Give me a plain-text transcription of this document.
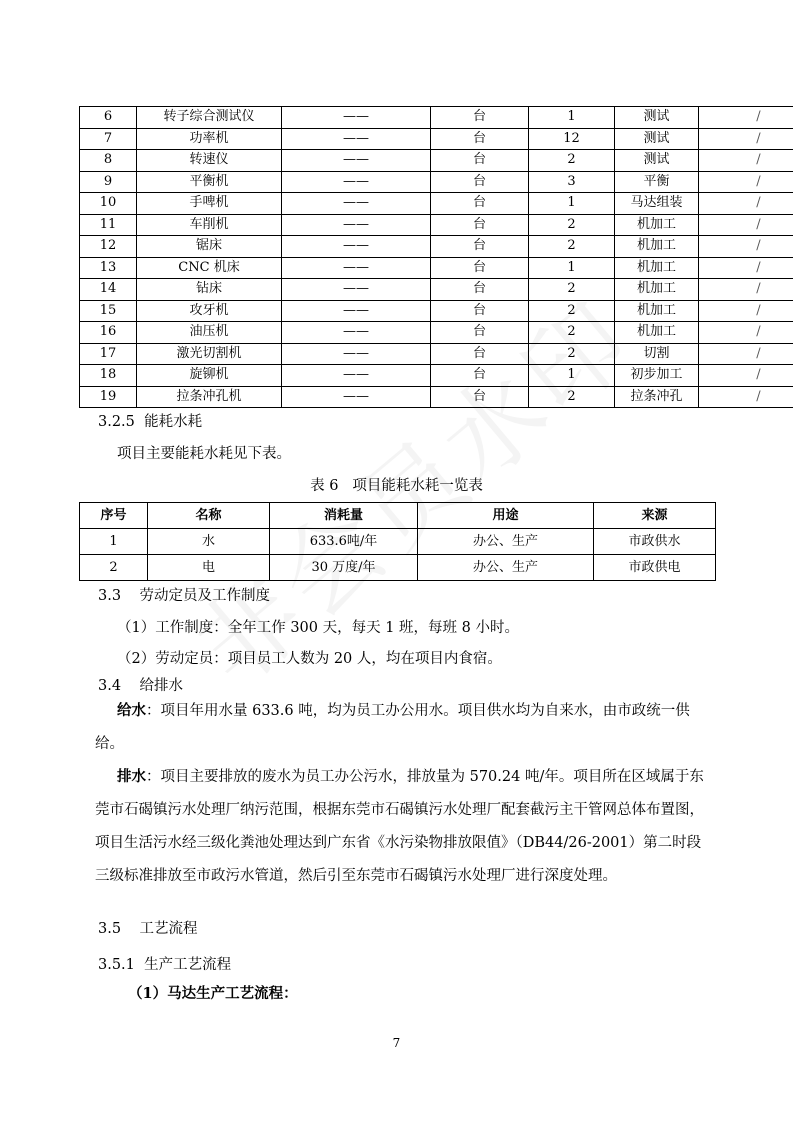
6	转子综合测试仪	——	台	1	测试	/
7	功率机	——	台	12	测试	/
8	转速仪	——	台	2	测试	/
9	平衡机	——	台	3	平衡	/
10	手啤机	——	台	1	马达组装	/
11	车削机	——	台	2	机加工	/
12	锯床	——	台	2	机加工	/
13	CNC 机床	——	台	1	机加工	/
14	钻床	——	台	2	机加工	/
15	攻牙机	——	台	2	机加工	/
16	油压机	——	台	2	机加工	/
17	激光切割机	——	台	2	切割	/
18	旋铆机	——	台	1	初步加工	/
19	拉条冲孔机	——	台	2	拉条冲孔	/
3.2.5 能耗水耗
项目主要能耗水耗见下表。
表 6 项目能耗水耗一览表
序号	名称	消耗量	用途	来源
1	水	633.6吨/年	办公、生产	市政供水
2	电	30 万度/年	办公、生产	市政供电
3.3 劳动定员及工作制度
（1）工作制度：全年工作 300 天，每天 1 班，每班 8 小时。
（2）劳动定员：项目员工人数为 20 人，均在项目内食宿。
3.4 给排水
给水：项目年用水量 633.6 吨，均为员工办公用水。项目供水均为自来水，由市政统一供给。
排水：项目主要排放的废水为员工办公污水，排放量为 570.24 吨/年。项目所在区域属于东莞市石碣镇污水处理厂纳污范围，根据东莞市石碣镇污水处理厂配套截污主干管网总体布置图，项目生活污水经三级化粪池处理达到广东省《水污染物排放限值》（DB44/26-2001）第二时段三级标准排放至市政污水管道，然后引至东莞市石碣镇污水处理厂进行深度处理。
3.5 工艺流程
3.5.1 生产工艺流程
（1）马达生产工艺流程：
7
